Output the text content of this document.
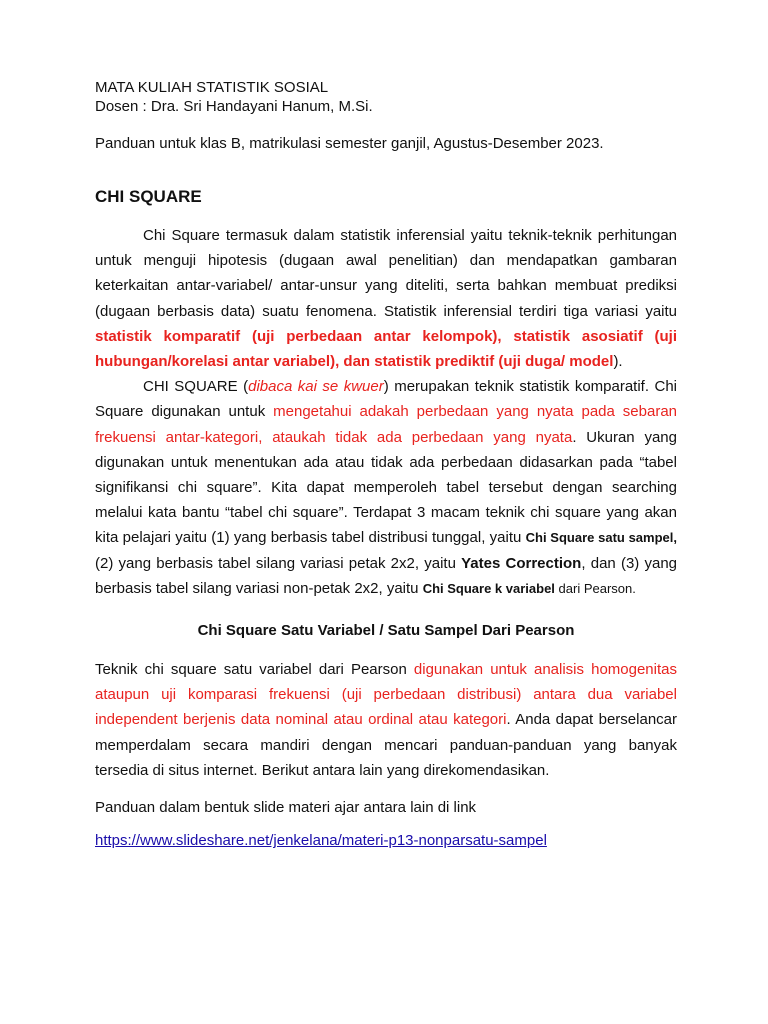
MATA KULIAH STATISTIK SOSIAL
Dosen : Dra. Sri Handayani Hanum, M.Si.
Panduan untuk klas B, matrikulasi semester ganjil, Agustus-Desember 2023.
CHI SQUARE
Chi Square termasuk dalam statistik inferensial yaitu teknik-teknik perhitungan untuk menguji hipotesis (dugaan awal penelitian) dan mendapatkan gambaran keterkaitan antar-variabel/ antar-unsur yang diteliti, serta bahkan membuat prediksi (dugaan berbasis data) suatu fenomena. Statistik inferensial terdiri tiga variasi yaitu statistik komparatif (uji perbedaan antar kelompok), statistik asosiatif (uji hubungan/korelasi antar variabel), dan statistik prediktif (uji duga/ model).
CHI SQUARE (dibaca kai se kwuer) merupakan teknik statistik komparatif. Chi Square digunakan untuk mengetahui adakah perbedaan yang nyata pada sebaran frekuensi antar-kategori, ataukah tidak ada perbedaan yang nyata. Ukuran yang digunakan untuk menentukan ada atau tidak ada perbedaan didasarkan pada “tabel signifikansi chi square”. Kita dapat memperoleh tabel tersebut dengan searching melalui kata bantu “tabel chi square”. Terdapat 3 macam teknik chi square yang akan kita pelajari yaitu (1) yang berbasis tabel distribusi tunggal, yaitu Chi Square satu sampel, (2) yang berbasis tabel silang variasi petak 2x2, yaitu Yates Correction, dan (3) yang berbasis tabel silang variasi non-petak 2x2, yaitu Chi Square k variabel dari Pearson.
Chi Square Satu Variabel / Satu Sampel Dari Pearson
Teknik chi square satu variabel dari Pearson digunakan untuk analisis homogenitas ataupun uji komparasi frekuensi (uji perbedaan distribusi) antara dua variabel independent berjenis data nominal atau ordinal atau kategori. Anda dapat berselancar memperdalam secara mandiri dengan mencari panduan-panduan yang banyak tersedia di situs internet. Berikut antara lain yang direkomendasikan.
Panduan dalam bentuk slide materi ajar antara lain di link
https://www.slideshare.net/jenkelana/materi-p13-nonparsatu-sampel
